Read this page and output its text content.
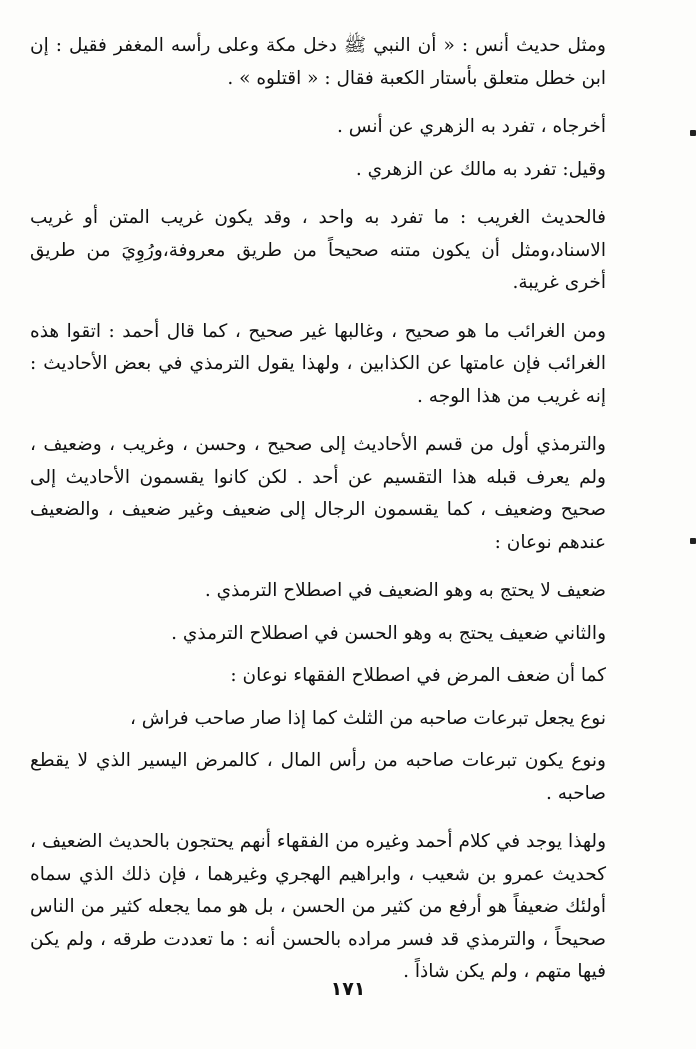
ومثل حديث أنس : « أن النبي ﷺ دخل مكة وعلى رأسه المغفر فقيل : إن ابن خطل متعلق بأستار الكعبة فقال : « اقتلوه » .

أخرجاه ، تفرد به الزهري عن أنس .

وقيل: تفرد به مالك عن الزهري .

فالحديث الغريب : ما تفرد به واحد ، وقد يكون غريب المتن أو غريب الاسناد،ومثل أن يكون متنه صحيحاً من طريق معروفة،ورُوِيَ من طريق أخرى غريبة.

ومن الغرائب ما هو صحيح ، وغالبها غير صحيح ، كما قال أحمد : اتقوا هذه الغرائب فإن عامتها عن الكذابين ، ولهذا يقول الترمذي في بعض الأحاديث : إنه غريب من هذا الوجه .

والترمذي أول من قسم الأحاديث إلى صحيح ، وحسن ، وغريب ، وضعيف ، ولم يعرف قبله هذا التقسيم عن أحد . لكن كانوا يقسمون الأحاديث إلى صحيح وضعيف ، كما يقسمون الرجال إلى ضعيف وغير ضعيف ، والضعيف عندهم نوعان :

ضعيف لا يحتج به وهو الضعيف في اصطلاح الترمذي .

والثاني ضعيف يحتج به وهو الحسن في اصطلاح الترمذي .

كما أن ضعف المرض في اصطلاح الفقهاء نوعان :

نوع يجعل تبرعات صاحبه من الثلث كما إذا صار صاحب فراش ،

ونوع يكون تبرعات صاحبه من رأس المال ، كالمرض اليسير الذي لا يقطع صاحبه .

ولهذا يوجد في كلام أحمد وغيره من الفقهاء أنهم يحتجون بالحديث الضعيف ، كحديث عمرو بن شعيب ، وابراهيم الهجري وغيرهما ، فإن ذلك الذي سماه أولئك ضعيفاً هو أرفع من كثير من الحسن ، بل هو مما يجعله كثير من الناس صحيحاً ، والترمذي قد فسر مراده بالحسن أنه : ما تعددت طرقه ، ولم يكن فيها متهم ، ولم يكن شاذاً .

١٧١
